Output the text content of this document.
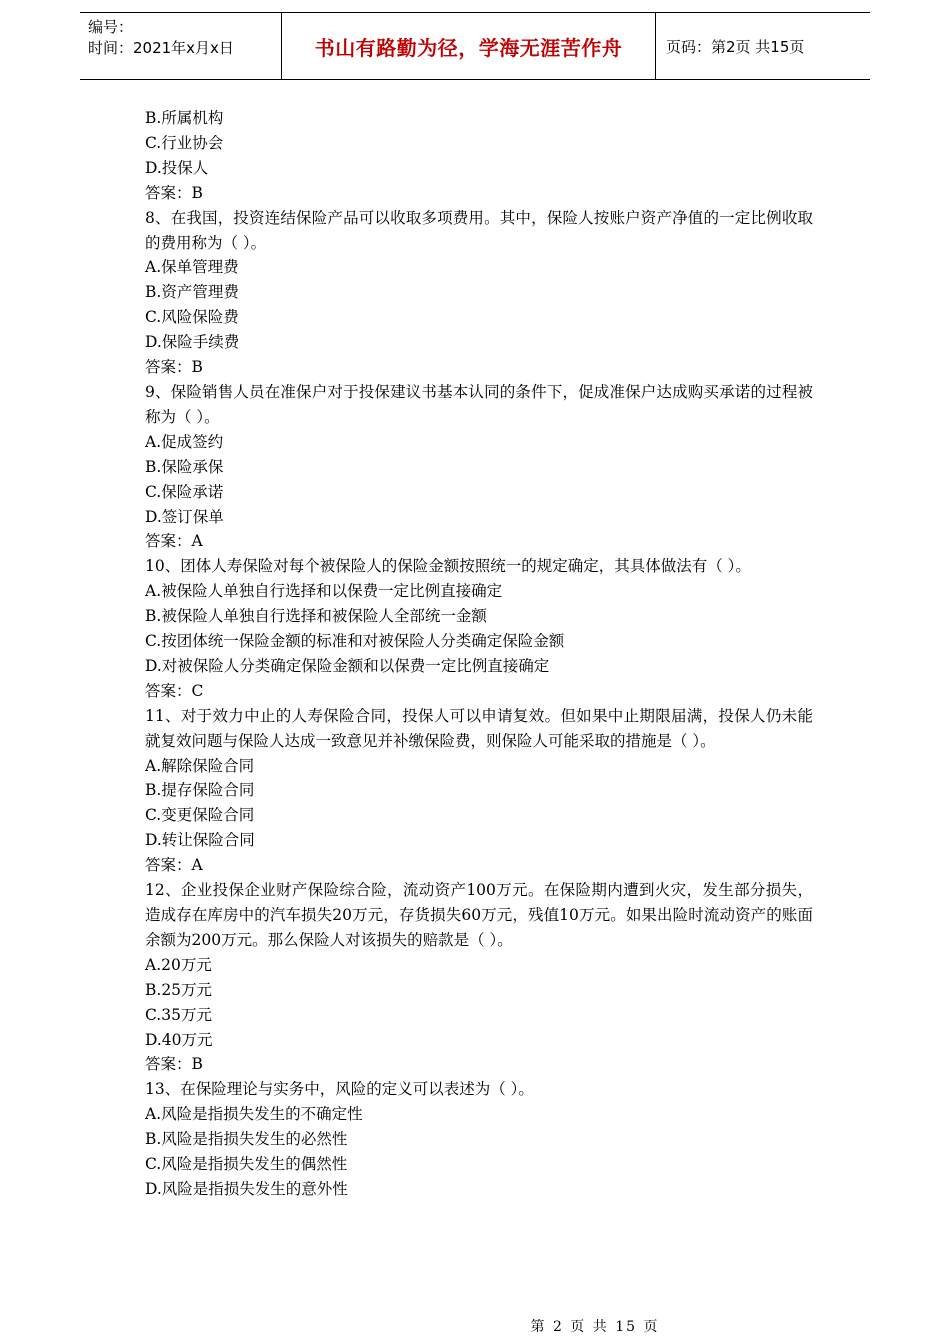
编号：
时间：2021年x月x日	书山有路勤为径，学海无涯苦作舟	页码：第2页 共15页

B.所属机构

C.行业协会

D.投保人

答案：B

8、在我国，投资连结保险产品可以收取多项费用。其中，保险人按账户资产净值的一定比例收取的费用称为（ ）。

A.保单管理费

B.资产管理费

C.风险保险费

D.保险手续费

答案：B

9、保险销售人员在准保户对于投保建议书基本认同的条件下，促成准保户达成购买承诺的过程被称为（ ）。

A.促成签约

B.保险承保

C.保险承诺

D.签订保单

答案：A

10、团体人寿保险对每个被保险人的保险金额按照统一的规定确定，其具体做法有（ ）。

A.被保险人单独自行选择和以保费一定比例直接确定

B.被保险人单独自行选择和被保险人全部统一金额

C.按团体统一保险金额的标准和对被保险人分类确定保险金额

D.对被保险人分类确定保险金额和以保费一定比例直接确定

答案：C

11、对于效力中止的人寿保险合同，投保人可以申请复效。但如果中止期限届满，投保人仍未能就复效问题与保险人达成一致意见并补缴保险费，则保险人可能采取的措施是（ ）。

A.解除保险合同

B.提存保险合同

C.变更保险合同

D.转让保险合同

答案：A

12、企业投保企业财产保险综合险，流动资产100万元。在保险期内遭到火灾，发生部分损失，造成存在库房中的汽车损失20万元，存货损失60万元，残值10万元。如果出险时流动资产的账面余额为200万元。那么保险人对该损失的赔款是（ ）。

A.20万元

B.25万元

C.35万元

D.40万元

答案：B

13、在保险理论与实务中，风险的定义可以表述为（ ）。

A.风险是指损失发生的不确定性

B.风险是指损失发生的必然性

C.风险是指损失发生的偶然性

D.风险是指损失发生的意外性

第 2 页 共 15 页
